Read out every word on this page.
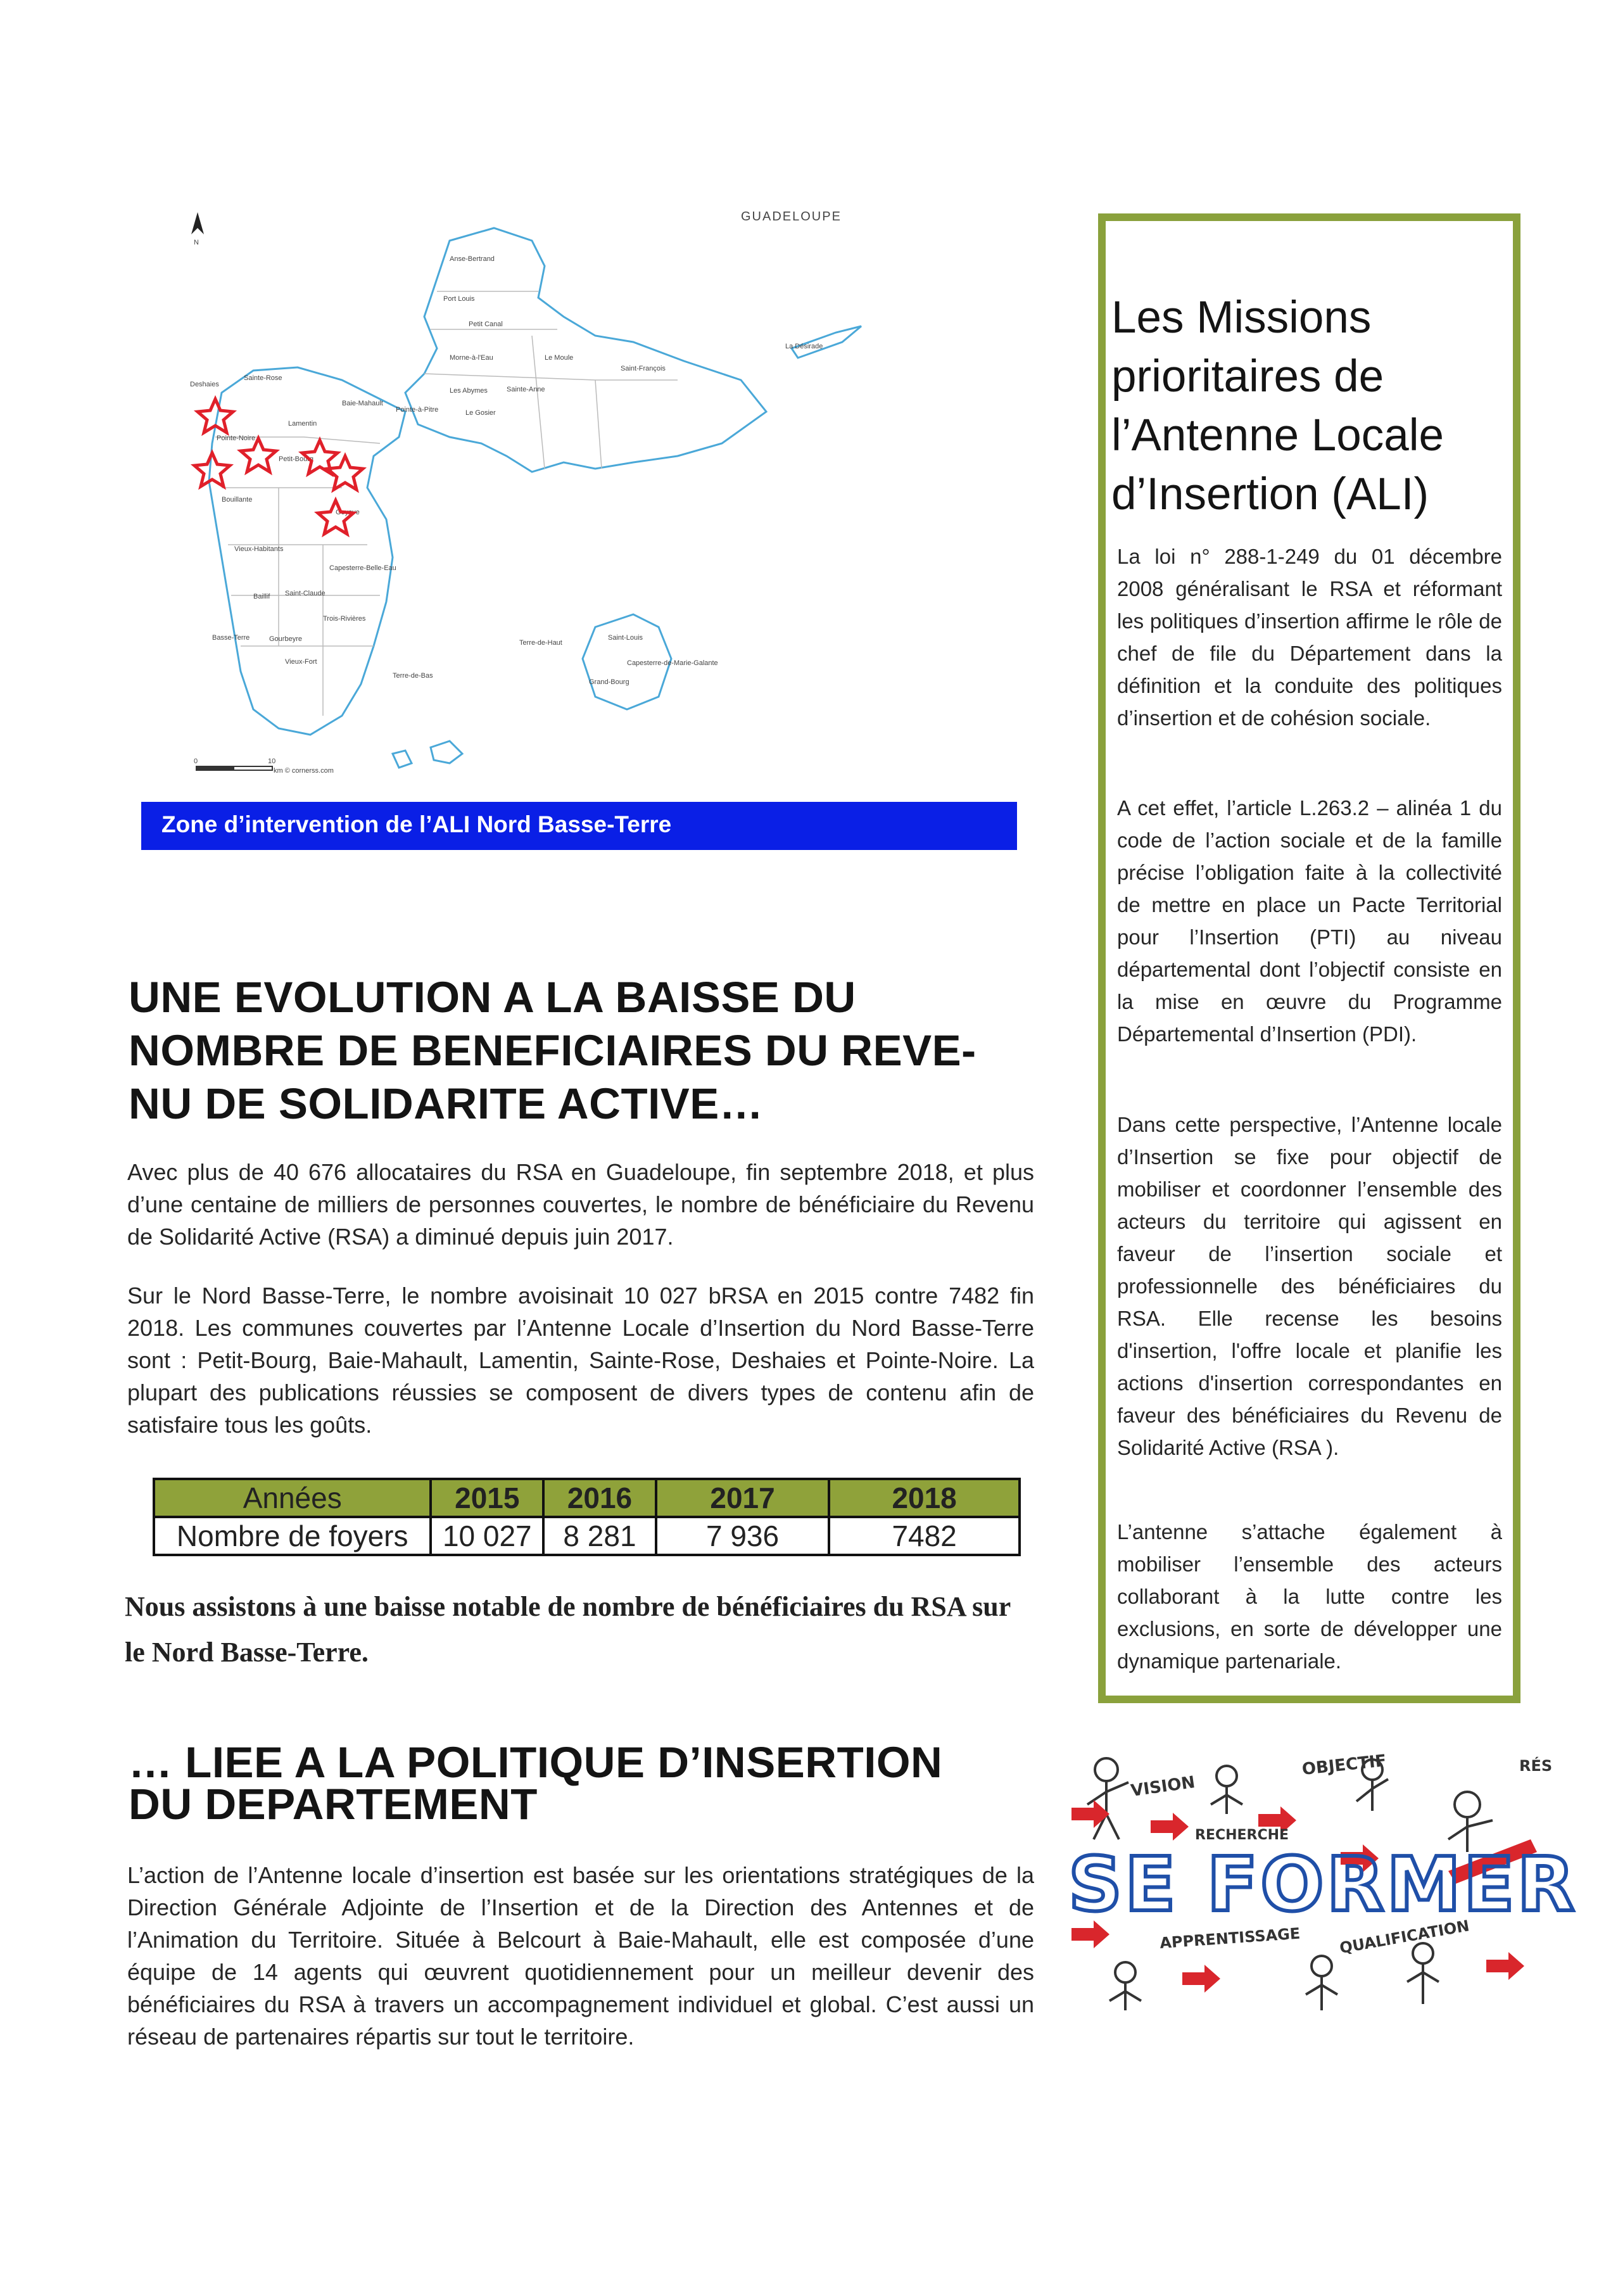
N
GUADELOUPE
Anse-Bertrand
Port Louis
Petit Canal
La Désirade
Morne-à-l'Eau	Le Moule
Les Abymes
Saint-François
Sainte-Anne
Le Gosier
Pointe-à-Pitre
Baie-Mahault
Lamentin
Sainte-Rose
Deshaies
Pointe-Noire
Petit-Bourg
Bouillante
Goyave
Vieux-Habitants
Capesterre-Belle-Eau
Baillif Saint-Claude
Trois-Rivières
Basse-Terre	Gourbeyre
Vieux-Fort
Terre-de-Haut
Terre-de-Bas
Saint-Louis
Capesterre-de-Marie-Galante
Grand-Bourg
0	10
km © cornerss.com
Zone d’intervention de l’ALI Nord Basse-Terre
UNE EVOLUTION A LA BAISSE DU
NOMBRE DE BENEFICIAIRES DU REVE-
NU DE SOLIDARITE ACTIVE…
Avec plus de 40 676 allocataires du RSA en Guadeloupe, fin septembre 2018, et plus d’une centaine de milliers de personnes couvertes, le nombre de bénéficiaire du Revenu de Solidarité Active (RSA) a diminué depuis juin 2017.
Sur le Nord Basse-Terre, le nombre avoisinait 10 027 bRSA en 2015 contre 7482 fin 2018. Les communes couvertes par l’Antenne Locale d’Insertion du Nord Basse-Terre sont : Petit-Bourg, Baie-Mahault, Lamentin, Sainte-Rose, Deshaies et Pointe-Noire. La plupart des publications réussies se composent de divers types de contenu afin de satisfaire tous les goûts.
Années	2015	2016	2017	2018
Nombre de foyers	10 027	8 281	7 936	7482
Nous assistons à une baisse notable de nombre de bénéficiaires du RSA sur le Nord Basse-Terre.
… LIEE A LA POLITIQUE D’INSERTION
DU DEPARTEMENT
L’action de l’Antenne locale d’insertion est basée sur les orientations stratégiques de la Direction Générale Adjointe de l’Insertion et de la Direction des Antennes et de l’Animation du Territoire. Située à Belcourt à Baie-Mahault, elle est composée d’une équipe de 14 agents qui œuvrent quotidiennement pour un meilleur devenir des bénéficiaires du RSA à travers un accompagnement individuel et global. C’est aussi un réseau de partenaires répartis sur tout le territoire.
Les Missions prioritaires de l’Antenne Locale d’Insertion (ALI)
La loi n° 288-1-249 du 01 décembre 2008 généralisant le RSA et réformant les politiques d’insertion affirme le rôle de chef de file du Département dans la définition et la conduite des politiques d’insertion et de cohésion sociale.
A cet effet, l’article L.263.2 – alinéa 1 du code de l’action sociale et de la famille précise l’obligation faite à la collectivité de mettre en place un Pacte Territorial pour l’Insertion (PTI) au niveau départemental dont l’objectif consiste en la mise en œuvre du Programme Départemental d’Insertion (PDI).
Dans cette perspective, l’Antenne locale d’Insertion se fixe pour objectif de mobiliser et coordonner l’ensemble des acteurs du territoire qui agissent en faveur de l’insertion sociale et professionnelle des bénéficiaires du RSA. Elle recense les besoins d'insertion, l'offre locale et planifie les actions d'insertion correspondantes en faveur des bénéficiaires du Revenu de Solidarité Active (RSA ).
L’antenne s’attache également à mobiliser l’ensemble des acteurs collaborant à la lutte contre les exclusions, en sorte de développer une dynamique partenariale.
VISION
OBJECTIF	RÉS
RECHERCHE
SE FORMER
APPRENTISSAGE QUALIFICATION
